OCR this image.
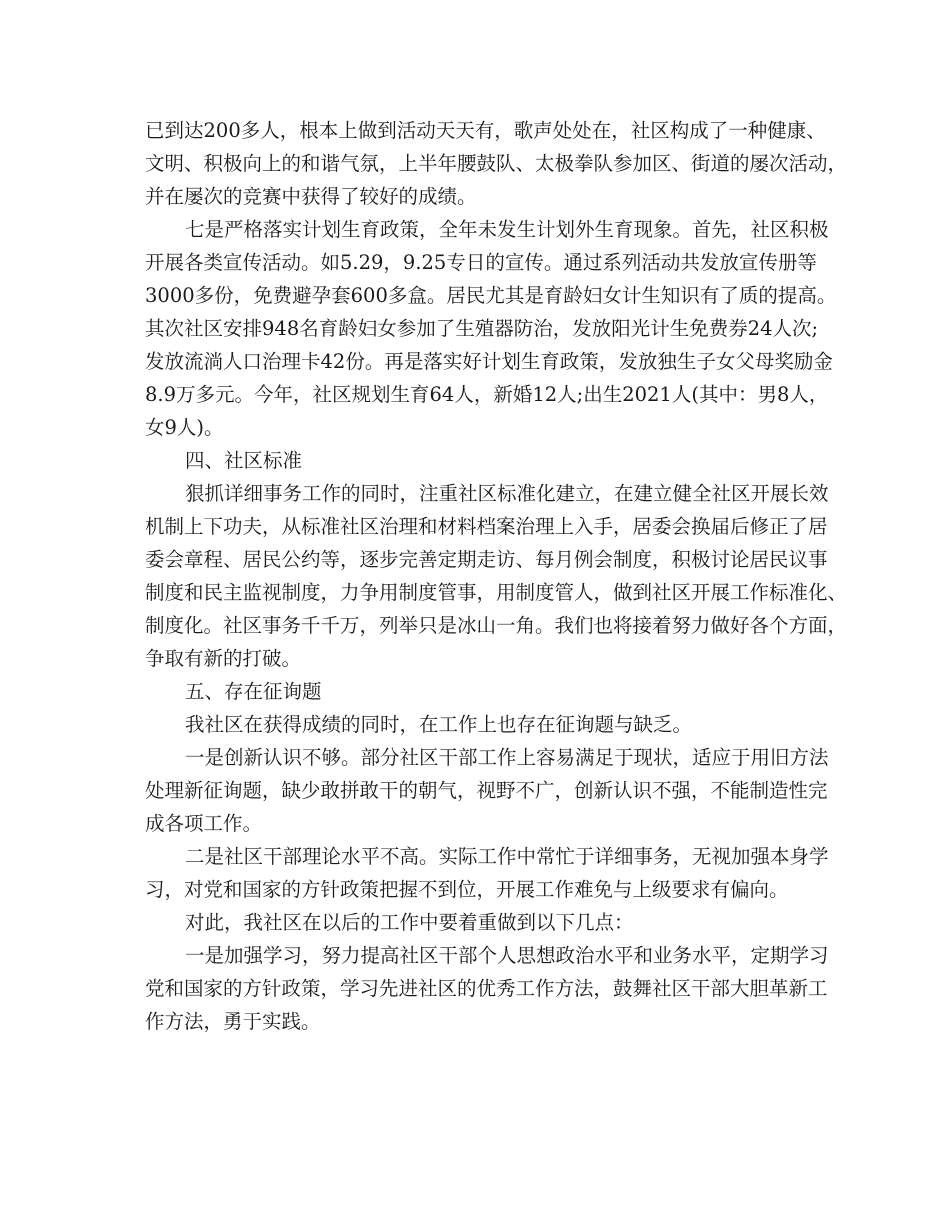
已到达200多人，根本上做到活动天天有，歌声处处在，社区构成了一种健康、
文明、积极向上的和谐气氛，上半年腰鼓队、太极拳队参加区、街道的屡次活动，
并在屡次的竞赛中获得了较好的成绩。
七是严格落实计划生育政策，全年未发生计划外生育现象。首先，社区积极
开展各类宣传活动。如5.29，9.25专日的宣传。通过系列活动共发放宣传册等
3000多份，免费避孕套600多盒。居民尤其是育龄妇女计生知识有了质的提高。
其次社区安排948名育龄妇女参加了生殖器防治，发放阳光计生免费券24人次;
发放流淌人口治理卡42份。再是落实好计划生育政策，发放独生子女父母奖励金
8.9万多元。今年，社区规划生育64人，新婚12人;出生2021人(其中：男8人，
女9人)。
四、社区标准
狠抓详细事务工作的同时，注重社区标准化建立，在建立健全社区开展长效
机制上下功夫，从标准社区治理和材料档案治理上入手，居委会换届后修正了居
委会章程、居民公约等，逐步完善定期走访、每月例会制度，积极讨论居民议事
制度和民主监视制度，力争用制度管事，用制度管人，做到社区开展工作标准化、
制度化。社区事务千千万，列举只是冰山一角。我们也将接着努力做好各个方面，
争取有新的打破。
五、存在征询题
我社区在获得成绩的同时，在工作上也存在征询题与缺乏。
一是创新认识不够。部分社区干部工作上容易满足于现状，适应于用旧方法
处理新征询题，缺少敢拼敢干的朝气，视野不广，创新认识不强，不能制造性完
成各项工作。
二是社区干部理论水平不高。实际工作中常忙于详细事务，无视加强本身学
习，对党和国家的方针政策把握不到位，开展工作难免与上级要求有偏向。
对此，我社区在以后的工作中要着重做到以下几点：
一是加强学习，努力提高社区干部个人思想政治水平和业务水平，定期学习
党和国家的方针政策，学习先进社区的优秀工作方法，鼓舞社区干部大胆革新工
作方法，勇于实践。
